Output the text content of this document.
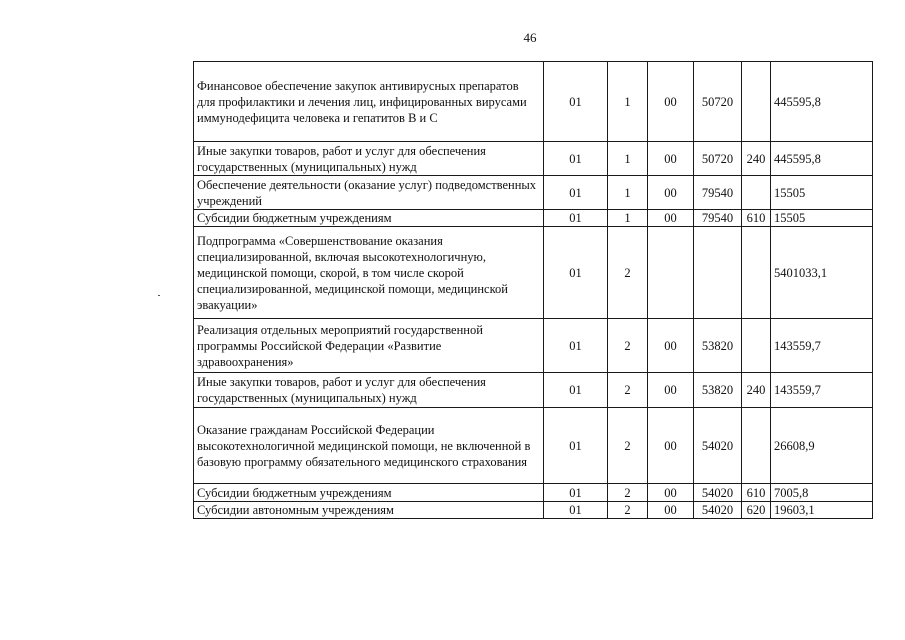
46
Финансовое обеспечение закупок антивирусных препаратов для профилактики и лечения лиц, инфицированных вирусами иммунодефицита человека и гепатитов В и С	01	1	00	50720		445595,8
Иные закупки товаров, работ и услуг для обеспечения государственных (муниципальных) нужд	01	1	00	50720	240	445595,8
Обеспечение деятельности (оказание услуг) подведомственных учреждений	01	1	00	79540		15505
Субсидии бюджетным учреждениям	01	1	00	79540	610	15505
Подпрограмма «Совершенствование оказания специализированной, включая высокотехнологичную, медицинской помощи, скорой, в том числе скорой специализированной, медицинской помощи, медицинской эвакуации»	01	2				5401033,1
Реализация отдельных мероприятий государственной программы Российской Федерации «Развитие здравоохранения»	01	2	00	53820		143559,7
Иные закупки товаров, работ и услуг для обеспечения государственных (муниципальных) нужд	01	2	00	53820	240	143559,7
Оказание гражданам Российской Федерации высокотехнологичной медицинской помощи, не включенной в базовую программу обязательного медицинского страхования	01	2	00	54020		26608,9
Субсидии бюджетным учреждениям	01	2	00	54020	610	7005,8
Субсидии автономным учреждениям	01	2	00	54020	620	19603,1
